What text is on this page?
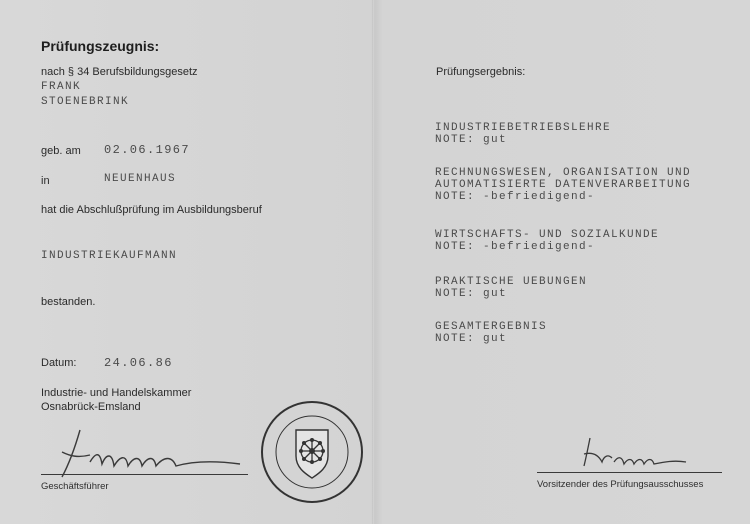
Prüfungszeugnis:
nach § 34 Berufsbildungsgesetz
FRANK
STOENEBRINK
geb. am 02.06.1967
in	NEUENHAUS
hat die Abschlußprüfung im Ausbildungsberuf
INDUSTRIEKAUFMANN
bestanden.
Datum: 24.06.86
Industrie- und Handelskammer
Osnabrück-Emsland
Geschäftsführer
Prüfungsergebnis:
INDUSTRIEBETRIEBSLEHRE
NOTE: gut
RECHNUNGSWESEN, ORGANISATION UND
AUTOMATISIERTE DATENVERARBEITUNG
NOTE: -befriedigend-
WIRTSCHAFTS- UND SOZIALKUNDE
NOTE: -befriedigend-
PRAKTISCHE UEBUNGEN
NOTE: gut
GESAMTERGEBNIS
NOTE: gut
Vorsitzender des Prüfungsausschusses
